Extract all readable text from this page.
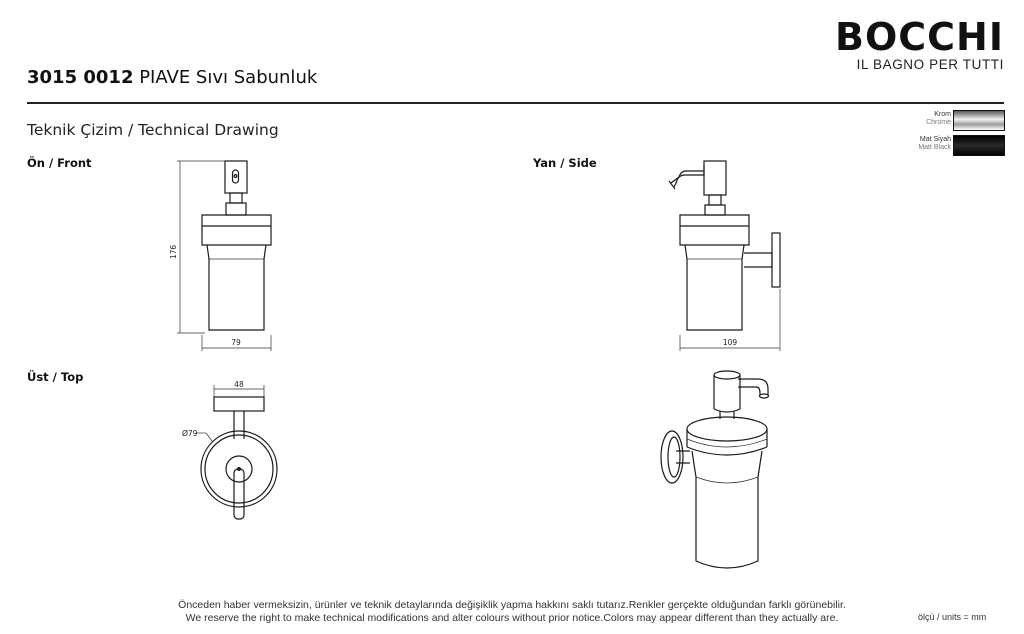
BOCCHI
IL BAGNO PER TUTTI
3015 0012 PIAVE Sıvı Sabunluk
Teknik Çizim / Technical Drawing
Krom
Chrome
Mat Siyah
Matt Black
Ön / Front	Yan / Side
Üst / Top
176
79	109
48
Ø79
Önceden haber vermeksizin, ürünler ve teknik detaylarında değişiklik yapma hakkını saklı tutarız.Renkler gerçekte olduğundan farklı görünebilir.
We reserve the right to make technical modifications and alter colours without prior notice.Colors may appear different than they actually are.	ölçü / units = mm
